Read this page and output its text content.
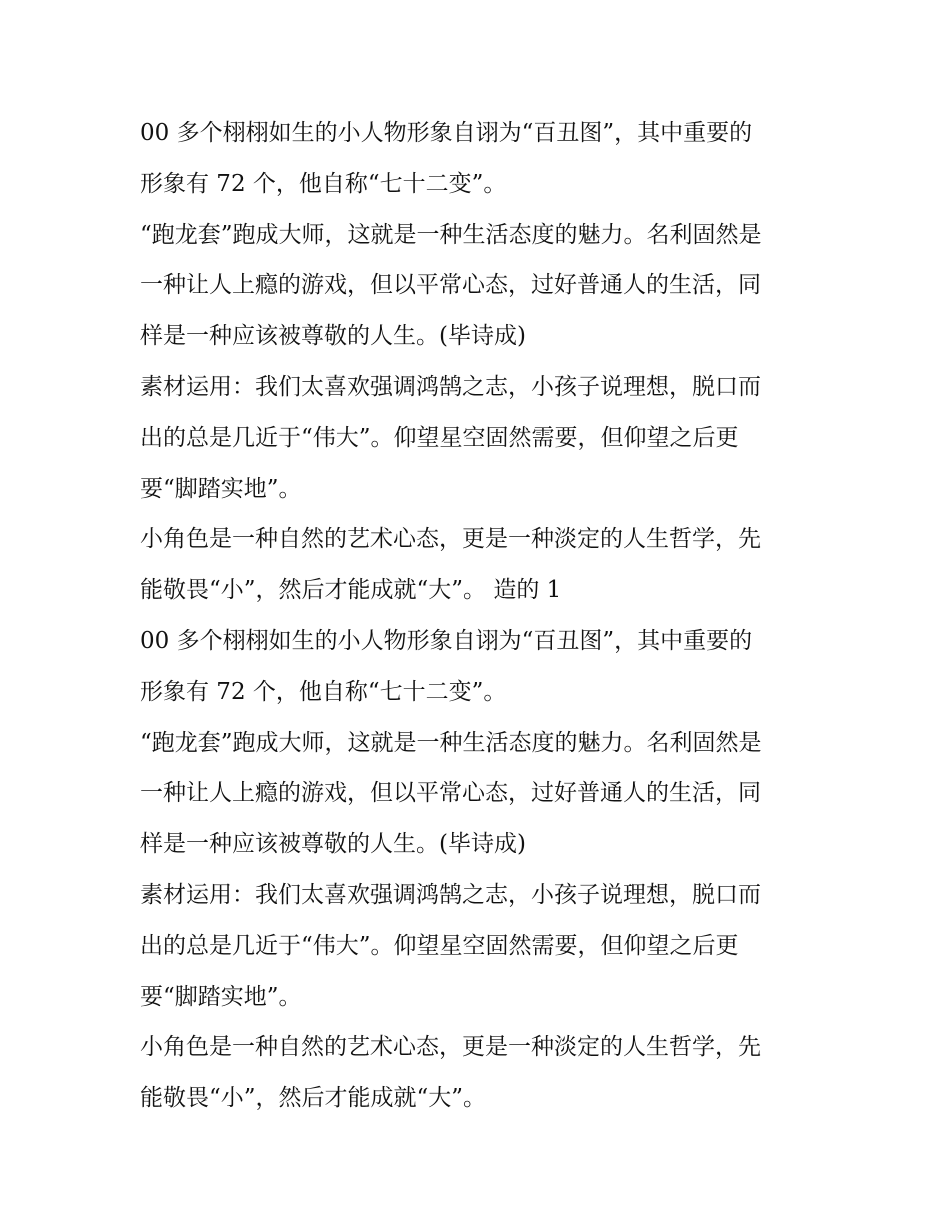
00 多个栩栩如生的小人物形象自诩为“百丑图”，其中重要的
形象有 72 个，他自称“七十二变”。
“跑龙套”跑成大师，这就是一种生活态度的魅力。名利固然是
一种让人上瘾的游戏，但以平常心态，过好普通人的生活，同
样是一种应该被尊敬的人生。(毕诗成)
素材运用：我们太喜欢强调鸿鹄之志，小孩子说理想，脱口而
出的总是几近于“伟大”。仰望星空固然需要，但仰望之后更
要“脚踏实地”。
小角色是一种自然的艺术心态，更是一种淡定的人生哲学，先
能敬畏“小”，然后才能成就“大”。 造的 1
00 多个栩栩如生的小人物形象自诩为“百丑图”，其中重要的
形象有 72 个，他自称“七十二变”。
“跑龙套”跑成大师，这就是一种生活态度的魅力。名利固然是
一种让人上瘾的游戏，但以平常心态，过好普通人的生活，同
样是一种应该被尊敬的人生。(毕诗成)
素材运用：我们太喜欢强调鸿鹄之志，小孩子说理想，脱口而
出的总是几近于“伟大”。仰望星空固然需要，但仰望之后更
要“脚踏实地”。
小角色是一种自然的艺术心态，更是一种淡定的人生哲学，先
能敬畏“小”，然后才能成就“大”。
